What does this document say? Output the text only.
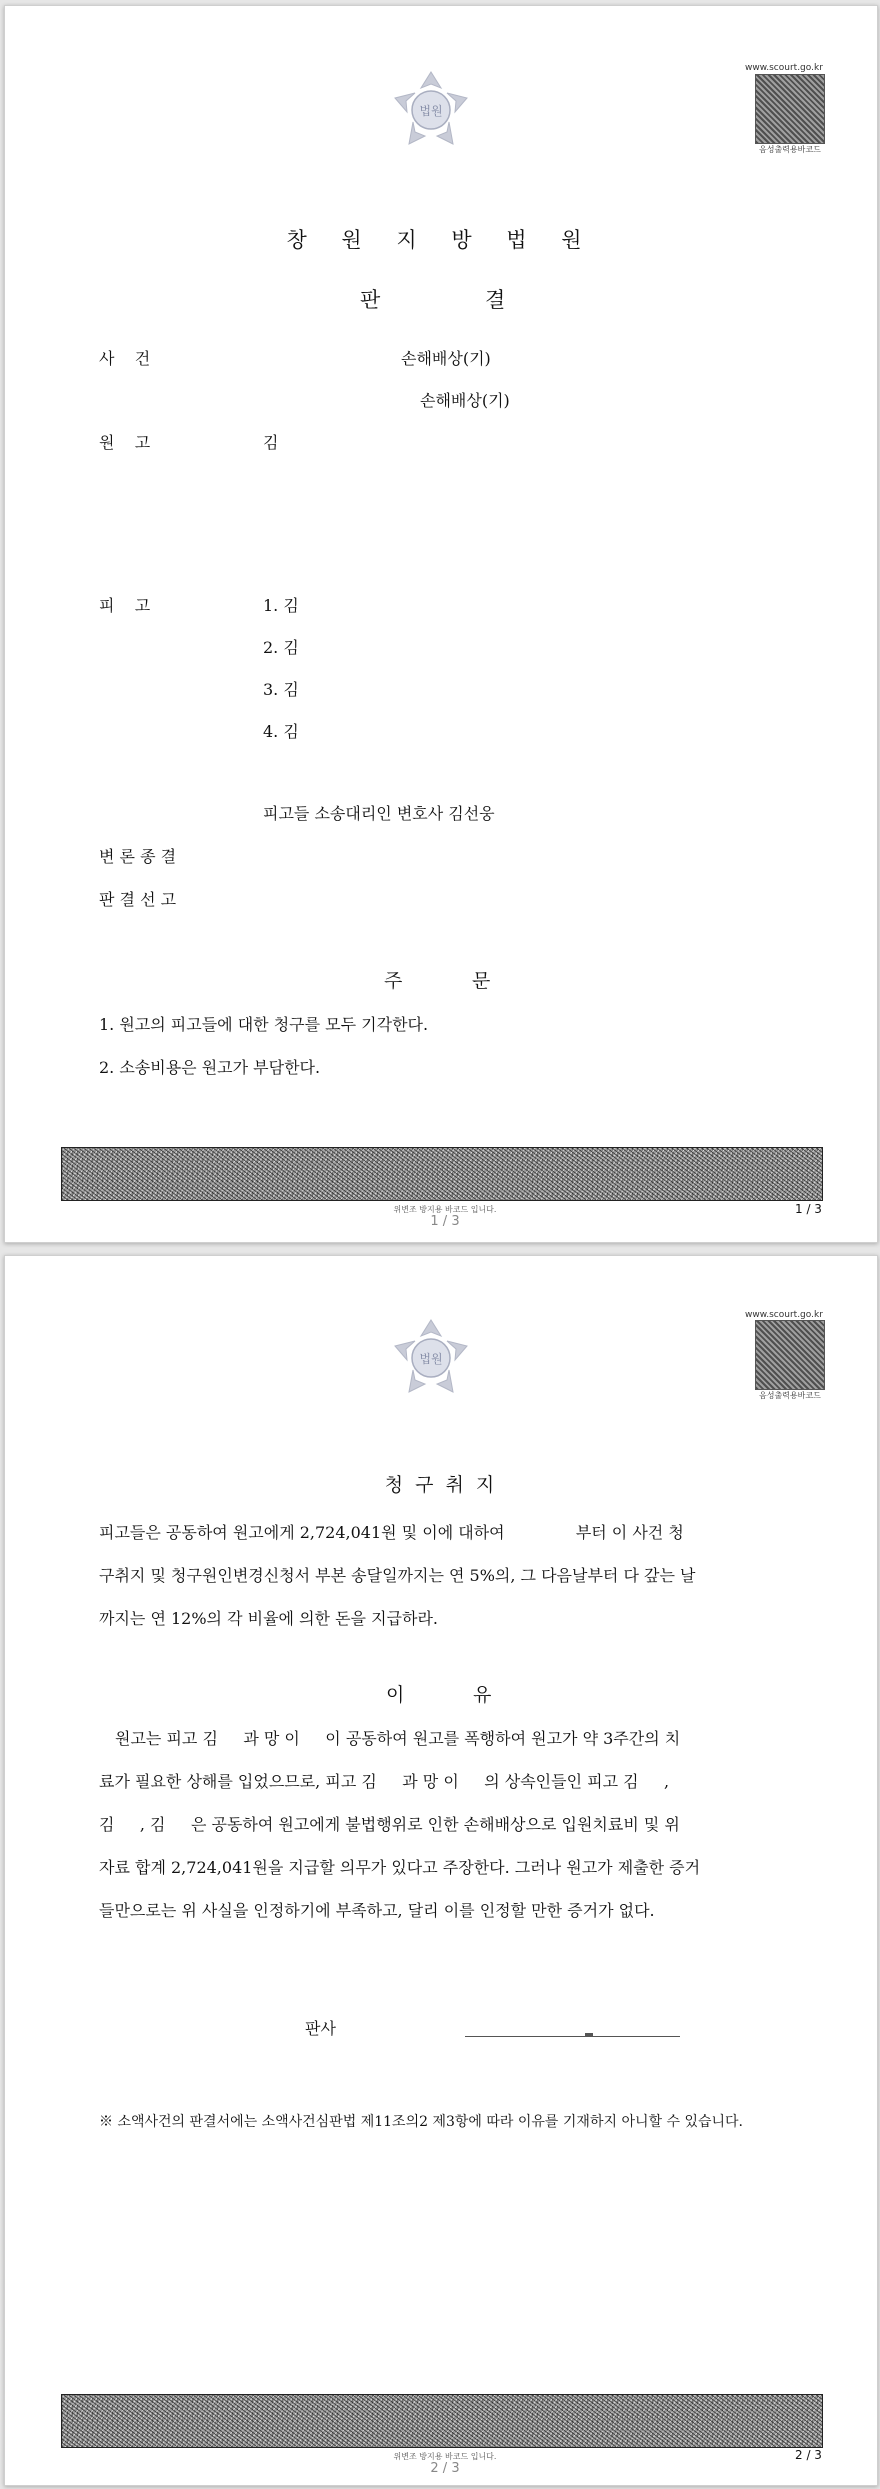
법원
www.scourt.go.kr
음성출력용바코드
창 원 지 방 법 원
판	결
사    건	손해배상(기)
손해배상(기)
원    고	김
피    고	1. 김
2. 김
3. 김
4. 김
피고들 소송대리인 변호사 김선웅
변 론 종 결
판 결 선 고
주	문
1. 원고의 피고들에 대한 청구를 모두 기각한다.
2. 소송비용은 원고가 부담한다.
위변조 방지용 바코드 입니다.
1 / 3
1 / 3
법원
www.scourt.go.kr
음성출력용바코드
청 구 취 지
피고들은 공동하여 원고에게 2,724,041원 및 이에 대하여              부터 이 사건 청
구취지 및 청구원인변경신청서 부본 송달일까지는 연 5%의, 그 다음날부터 다 갚는 날
까지는 연 12%의 각 비율에 의한 돈을 지급하라.
이	유
원고는 피고 김     과 망 이     이 공동하여 원고를 폭행하여 원고가 약 3주간의 치
료가 필요한 상해를 입었으므로, 피고 김     과 망 이     의 상속인들인 피고 김     ,
김     , 김     은 공동하여 원고에게 불법행위로 인한 손해배상으로 입원치료비 및 위
자료 합계 2,724,041원을 지급할 의무가 있다고 주장한다. 그러나 원고가 제출한 증거
들만으로는 위 사실을 인정하기에 부족하고, 달리 이를 인정할 만한 증거가 없다.
판사
※ 소액사건의 판결서에는 소액사건심판법 제11조의2 제3항에 따라 이유를 기재하지 아니할 수 있습니다.
위변조 방지용 바코드 입니다.
2 / 3
2 / 3
